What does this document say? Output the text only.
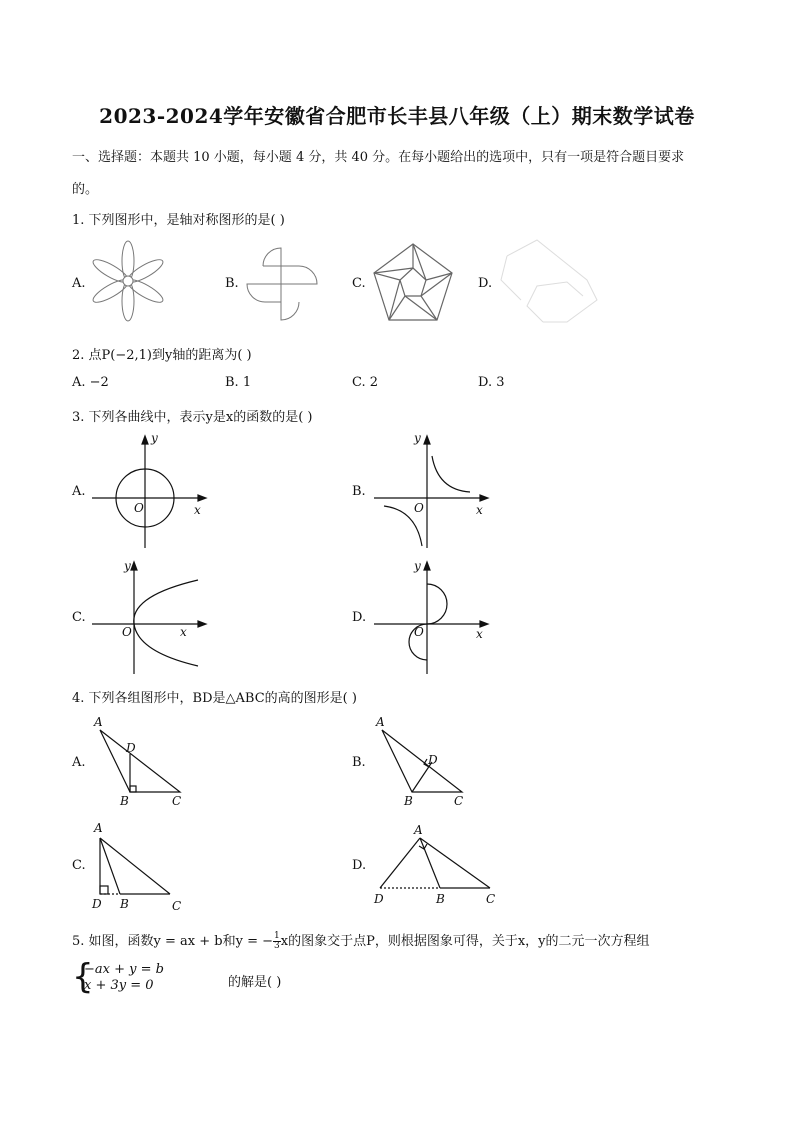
2023-2024学年安徽省合肥市长丰县八年级（上）期末数学试卷
一、选择题：本题共 10 小题，每小题 4 分，共 40 分。在每小题给出的选项中，只有一项是符合题目要求
的。
1. 下列图形中，是轴对称图形的是( )
A.	B.	C.	D.
2. 点P(−2,1)到y轴的距离为( )
A. −2	B. 1	C. 2	D. 3
3. 下列各曲线中，表示y是x的函数的是( )
A.	B.
C.	D.
y
x
O
y
x
O
y
x
O
y
x
O
4. 下列各组图形中，BD是△ABC的高的图形是( )
A.	B.
C.	D.
A
D
B	C
A
D
B	C
A
D B	C
A
D	B	C
5. 如图，函数y = ax + b和y = − $\frac{1}{3}$ x的图象交于点P，则根据图象可得，关于x，y的二元一次方程组
{
−ax + y = b
x + 3y = 0	的解是( )
